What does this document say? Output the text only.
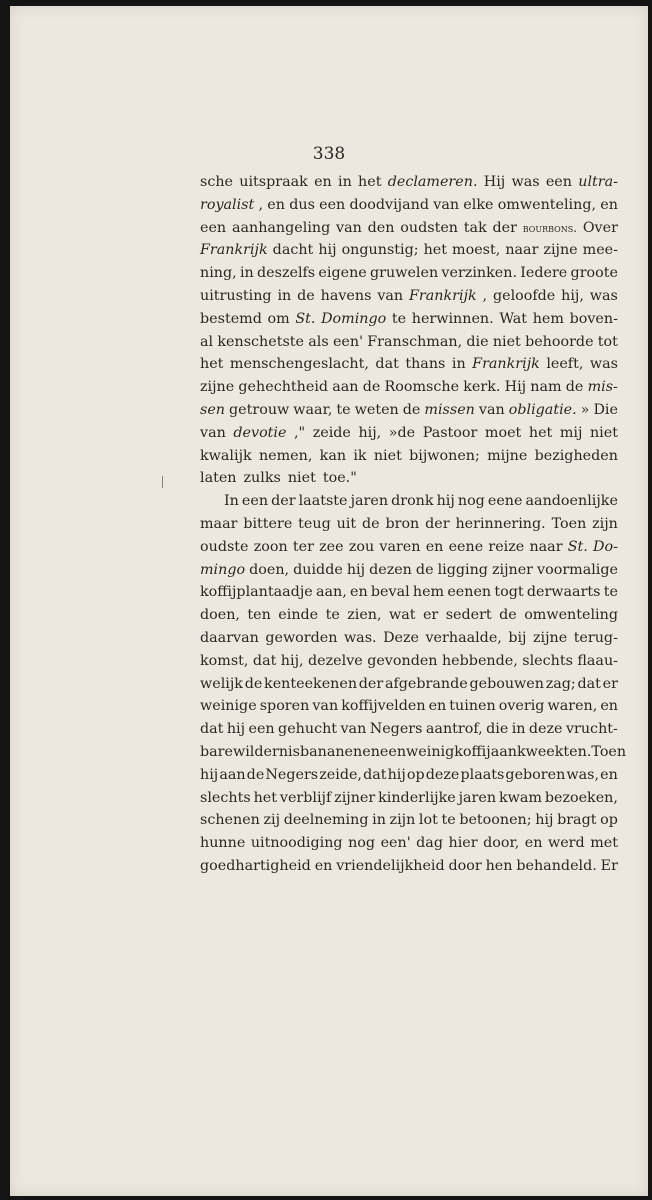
338
sche uitspraak en in het declameren. Hij was een ultra-
royalist , en dus een doodvijand van elke omwenteling, en
een aanhangeling van den oudsten tak der bourbons. Over
Frankrijk dacht hij ongunstig; het moest, naar zijne mee-
ning, in deszelfs eigene gruwelen verzinken. Iedere groote
uitrusting in de havens van Frankrijk , geloofde hij, was
bestemd om St. Domingo te herwinnen. Wat hem boven-
al kenschetste als een' Franschman, die niet behoorde tot
het menschengeslacht, dat thans in Frankrijk leeft, was
zijne gehechtheid aan de Roomsche kerk. Hij nam de mis-
sen getrouw waar, te weten de missen van obligatie. » Die
van devotie ," zeide hij, »de Pastoor moet het mij niet
kwalijk nemen, kan ik niet bijwonen; mijne bezigheden
laten zulks niet toe."
In een der laatste jaren dronk hij nog eene aandoenlijke
maar bittere teug uit de bron der herinnering. Toen zijn
oudste zoon ter zee zou varen en eene reize naar St. Do-
mingo doen, duidde hij dezen de ligging zijner voormalige
koffijplantaadje aan, en beval hem eenen togt derwaarts te
doen, ten einde te zien, wat er sedert de omwenteling
daarvan geworden was. Deze verhaalde, bij zijne terug-
komst, dat hij, dezelve gevonden hebbende, slechts flaau-
welijk de kenteekenen der afgebrande gebouwen zag; dat er
weinige sporen van koffijvelden en tuinen overig waren, en
dat hij een gehucht van Negers aantrof, die in deze vrucht-
bare wildernis bananen en een weinig koffij aankweekten. Toen
hij aan de Negers zeide, dat hij op deze plaats geboren was, en
slechts het verblijf zijner kinderlijke jaren kwam bezoeken,
schenen zij deelneming in zijn lot te betoonen; hij bragt op
hunne uitnoodiging nog een' dag hier door, en werd met
goedhartigheid en vriendelijkheid door hen behandeld. Er
